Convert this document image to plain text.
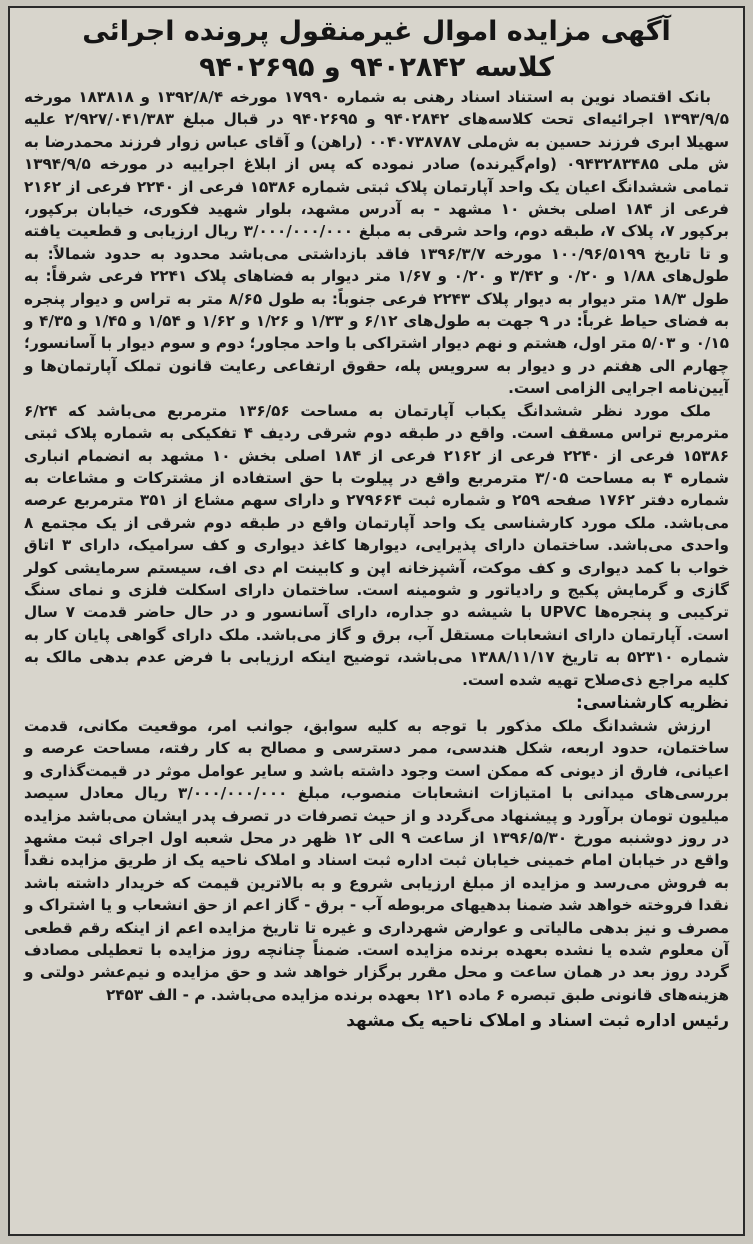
آگهی مزایده اموال غیرمنقول پرونده اجرائی
کلاسه ۹۴۰۲۸۴۲ و ۹۴۰۲۶۹۵

بانک اقتصاد نوین به استناد اسناد رهنی به شماره ۱۷۹۹۰ مورخه ۱۳۹۲/۸/۴ و ۱۸۳۸۱۸ مورخه ۱۳۹۳/۹/۵ اجرائیه‌ای تحت کلاسه‌های ۹۴۰۲۸۴۲ و ۹۴۰۲۶۹۵ در قبال مبلغ ۲/۹۲۷/۰۴۱/۳۸۳ علیه سهیلا ابری فرزند حسین به ش‌ملی ۰۰۴۰۷۳۸۷۸۷ (راهن) و آقای عباس زوار فرزند محمدرضا به ش ملی ۰۹۴۳۲۸۳۴۸۵ (وام‌گیرنده) صادر نموده که پس از ابلاغ اجراییه در مورخه ۱۳۹۴/۹/۵ تمامی ششدانگ اعیان یک واحد آپارتمان پلاک ثبتی شماره ۱۵۳۸۶ فرعی از ۲۲۴۰ فرعی از ۲۱۶۲ فرعی از ۱۸۴ اصلی بخش ۱۰ مشهد - به آدرس مشهد، بلوار شهید فکوری، خیابان برکپور، برکپور ۷، پلاک ۷، طبقه دوم، واحد شرقی به مبلغ ۳/۰۰۰/۰۰۰/۰۰۰ ریال ارزیابی و قطعیت یافته و تا تاریخ ۱۰۰/۹۶/۵۱۹۹ مورخه ۱۳۹۶/۳/۷ فاقد بازداشتی می‌باشد محدود به حدود شمالاً: به طول‌های ۱/۸۸ و ۰/۲۰ و ۳/۴۲ و ۰/۲۰ و ۱/۶۷ متر دیوار به فضاهای پلاک ۲۲۴۱ فرعی شرقاً: به طول ۱۸/۳ متر دیوار به دیوار پلاک ۲۲۴۳ فرعی جنوباً: به طول ۸/۶۵ متر به تراس و دیوار پنجره به فضای حیاط غرباً: در ۹ جهت به طول‌های ۶/۱۲ و ۱/۳۳ و ۱/۲۶ و ۱/۶۲ و ۱/۵۴ و ۱/۴۵ و ۴/۳۵ و ۰/۱۵ و ۵/۰۳ متر اول، هشتم و نهم دیوار اشتراکی با واحد مجاور؛ دوم و سوم دیوار با آسانسور؛ چهارم الی هفتم در و دیوار به سرویس پله، حقوق ارتفاعی رعایت قانون تملک آپارتمان‌ها و آیین‌نامه اجرایی الزامی است.

ملک مورد نظر ششدانگ یکباب آپارتمان به مساحت ۱۳۶/۵۶ مترمربع می‌باشد که ۶/۲۴ مترمربع تراس مسقف است. واقع در طبقه دوم شرقی ردیف ۴ تفکیکی به شماره پلاک ثبتی ۱۵۳۸۶ فرعی از ۲۲۴۰ فرعی از ۲۱۶۲ فرعی از ۱۸۴ اصلی بخش ۱۰ مشهد به انضمام انباری شماره ۴ به مساحت ۳/۰۵ مترمربع واقع در پیلوت با حق استفاده از مشترکات و مشاعات به شماره دفتر ۱۷۶۲ صفحه ۲۵۹ و شماره ثبت ۲۷۹۶۶۴ و دارای سهم مشاع از ۳۵۱ مترمربع عرصه می‌باشد. ملک مورد کارشناسی یک واحد آپارتمان واقع در طبقه دوم شرقی از یک مجتمع ۸ واحدی می‌باشد. ساختمان دارای پذیرایی، دیوارها کاغذ دیواری و کف سرامیک، دارای ۳ اتاق خواب با کمد دیواری و کف موکت، آشپزخانه اپن و کابینت ام دی اف، سیستم سرمایشی کولر گازی و گرمایش پکیج و رادیاتور و شومینه است. ساختمان دارای اسکلت فلزی و نمای سنگ ترکیبی و پنجره‌ها UPVC با شیشه دو جداره، دارای آسانسور و در حال حاضر قدمت ۷ سال است. آپارتمان دارای انشعابات مستقل آب، برق و گاز می‌باشد. ملک دارای گواهی پایان کار به شماره ۵۲۳۱۰ به تاریخ ۱۳۸۸/۱۱/۱۷ می‌باشد، توضیح اینکه ارزیابی با فرض عدم بدهی مالک به کلیه مراجع ذی‌صلاح تهیه شده است.

نظریه کارشناسی:

ارزش ششدانگ ملک مذکور با توجه به کلیه سوابق، جوانب امر، موقعیت مکانی، قدمت ساختمان، حدود اربعه، شکل هندسی، ممر دسترسی و مصالح به کار رفته، مساحت عرصه و اعیانی، فارق از دیونی که ممکن است وجود داشته باشد و سایر عوامل موثر در قیمت‌گذاری و بررسی‌های میدانی با امتیازات انشعابات منصوب، مبلغ ۳/۰۰۰/۰۰۰/۰۰۰ ریال معادل سیصد میلیون تومان برآورد و پیشنهاد می‌گردد و از حیث تصرفات در تصرف پدر ایشان می‌باشد مزایده در روز دوشنبه مورخ ۱۳۹۶/۵/۳۰ از ساعت ۹ الی ۱۲ ظهر در محل شعبه اول اجرای ثبت مشهد واقع در خیابان امام خمینی خیابان ثبت اداره ثبت اسناد و املاک ناحیه یک از طریق مزایده نقداً به فروش می‌رسد و مزایده از مبلغ ارزیابی شروع و به بالاترین قیمت که خریدار داشته باشد نقدا فروخته خواهد شد ضمنا بدهیهای مربوطه آب - برق - گاز اعم از حق انشعاب و یا اشتراک و مصرف و نیز بدهی مالیاتی و عوارض شهرداری و غیره تا تاریخ مزایده اعم از اینکه رقم قطعی آن معلوم شده یا نشده بعهده برنده مزایده است. ضمناً چنانچه روز مزایده با تعطیلی مصادف گردد روز بعد در همان ساعت و محل مقرر برگزار خواهد شد و حق مزایده و نیم‌عشر دولتی و هزینه‌های قانونی طبق تبصره ۶ ماده ۱۲۱ بعهده برنده مزایده می‌باشد. م - الف ۲۴۵۳

رئیس اداره ثبت اسناد و املاک ناحیه یک مشهد
